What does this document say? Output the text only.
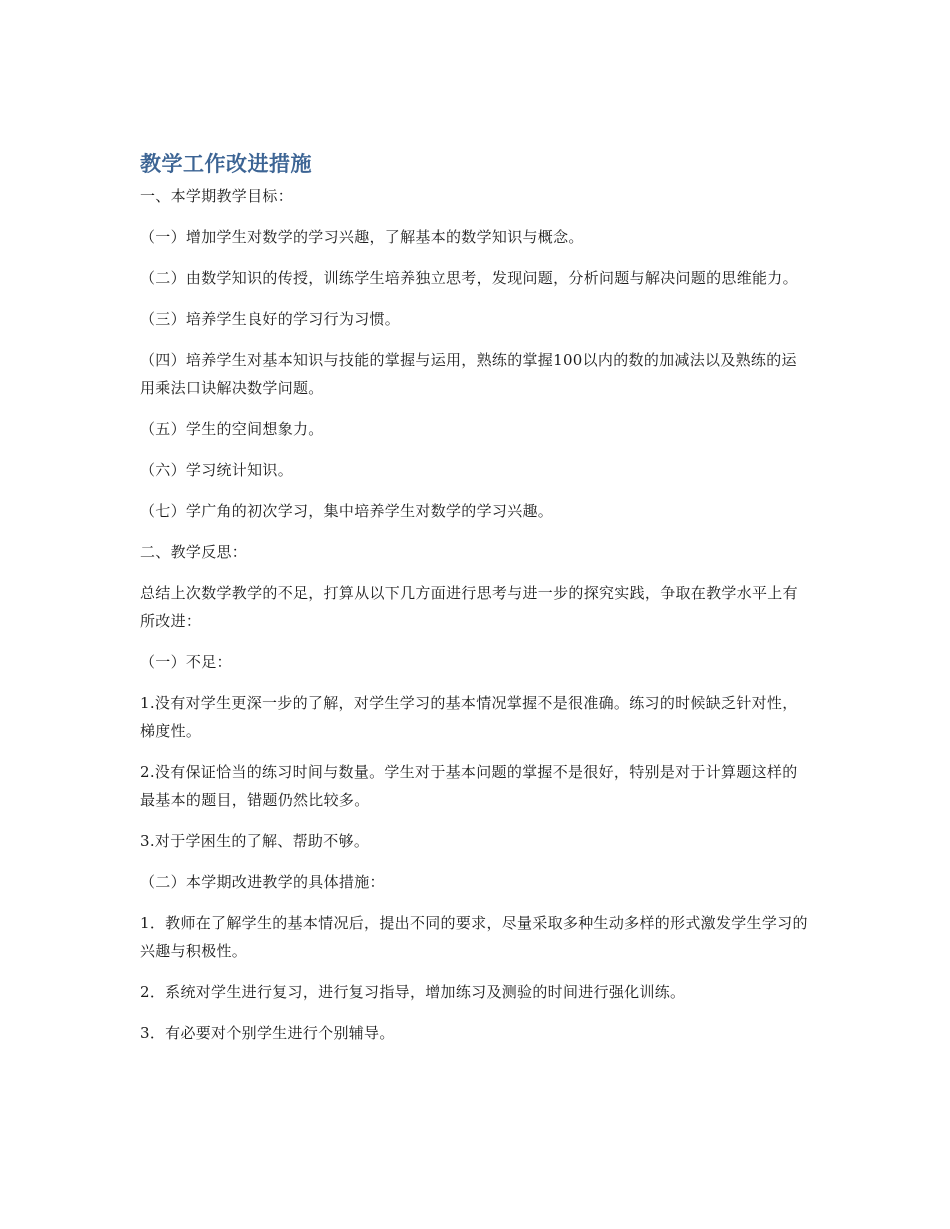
教学工作改进措施

一、本学期教学目标：

（一）增加学生对数学的学习兴趣，了解基本的数学知识与概念。

（二）由数学知识的传授，训练学生培养独立思考，发现问题，分析问题与解决问题的思维能力。

（三）培养学生良好的学习行为习惯。

（四）培养学生对基本知识与技能的掌握与运用，熟练的掌握100以内的数的加减法以及熟练的运用乘法口诀解决数学问题。

（五）学生的空间想象力。

（六）学习统计知识。

（七）学广角的初次学习，集中培养学生对数学的学习兴趣。

二、教学反思：

总结上次数学教学的不足，打算从以下几方面进行思考与进一步的探究实践，争取在教学水平上有所改进：

（一）不足：

1.没有对学生更深一步的了解，对学生学习的基本情况掌握不是很准确。练习的时候缺乏针对性，梯度性。

2.没有保证恰当的练习时间与数量。学生对于基本问题的掌握不是很好，特别是对于计算题这样的最基本的题目，错题仍然比较多。

3.对于学困生的了解、帮助不够。

（二）本学期改进教学的具体措施：

1．教师在了解学生的基本情况后，提出不同的要求，尽量采取多种生动多样的形式激发学生学习的兴趣与积极性。

2．系统对学生进行复习，进行复习指导，增加练习及测验的时间进行强化训练。

3．有必要对个别学生进行个别辅导。
